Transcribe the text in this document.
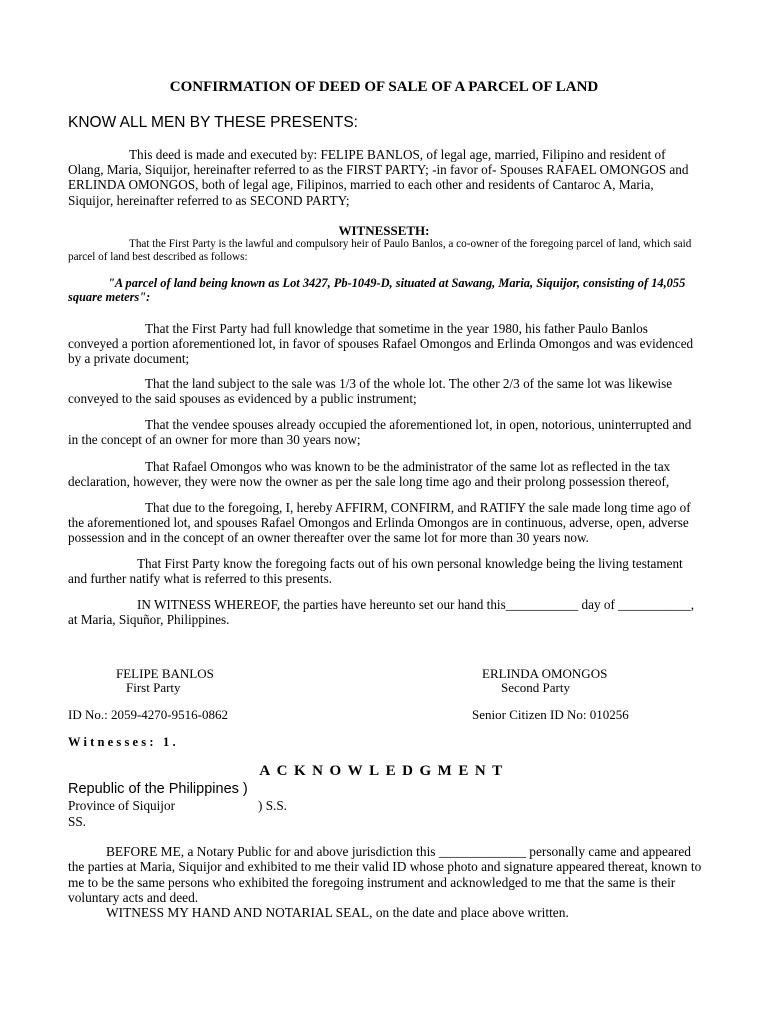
CONFIRMATION OF DEED OF SALE OF A PARCEL OF LAND

KNOW ALL MEN BY THESE PRESENTS:

This deed is made and executed by: FELIPE BANLOS, of legal age, married, Filipino and resident of Olang, Maria, Siquijor, hereinafter referred to as the FIRST PARTY; -in favor of- Spouses RAFAEL OMONGOS and ERLINDA OMONGOS, both of legal age, Filipinos, married to each other and residents of Cantaroc A, Maria, Siquijor, hereinafter referred to as SECOND PARTY;

WITNESSETH:

That the First Party is the lawful and compulsory heir of Paulo Banlos, a co-owner of the foregoing parcel of land, which said parcel of land best described as follows:

"A parcel of land being known as Lot 3427, Pb-1049-D, situated at Sawang, Maria, Siquijor, consisting of 14,055 square meters":

That the First Party had full knowledge that sometime in the year 1980, his father Paulo Banlos conveyed a portion aforementioned lot, in favor of spouses Rafael Omongos and Erlinda Omongos and was evidenced by a private document;

That the land subject to the sale was 1/3 of the whole lot. The other 2/3 of the same lot was likewise conveyed to the said spouses as evidenced by a public instrument;

That the vendee spouses already occupied the aforementioned lot, in open, notorious, uninterrupted and in the concept of an owner for more than 30 years now;

That Rafael Omongos who was known to be the administrator of the same lot as reflected in the tax declaration, however, they were now the owner as per the sale long time ago and their prolong possession thereof,

That due to the foregoing, I, hereby AFFIRM, CONFIRM, and RATIFY the sale made long time ago of the aforementioned lot, and spouses Rafael Omongos and Erlinda Omongos are in continuous, adverse, open, adverse possession and in the concept of an owner thereafter over the same lot for more than 30 years now.

That First Party know the foregoing facts out of his own personal knowledge being the living testament and further natify what is referred to this presents.

IN WITNESS WHEREOF, the parties have hereunto set our hand this___________ day of ___________, at Maria, Siquñor, Philippines.

FELIPE BANLOS

First Party

ERLINDA OMONGOS

Second Party

ID No.: 2059-4270-9516-0862	Senior Citizen ID No: 010256

Witnesses: 1.

ACKNOWLEDGMENT

Republic of the Philippines )

Province of Siquijor	) S.S.

SS.

BEFORE ME, a Notary Public for and above jurisdiction this _____________ personally came and appeared the parties at Maria, Siquijor and exhibited to me their valid ID whose photo and signature appeared thereat, known to me to be the same persons who exhibited the foregoing instrument and acknowledged to me that the same is their voluntary acts and deed.

WITNESS MY HAND AND NOTARIAL SEAL, on the date and place above written.
